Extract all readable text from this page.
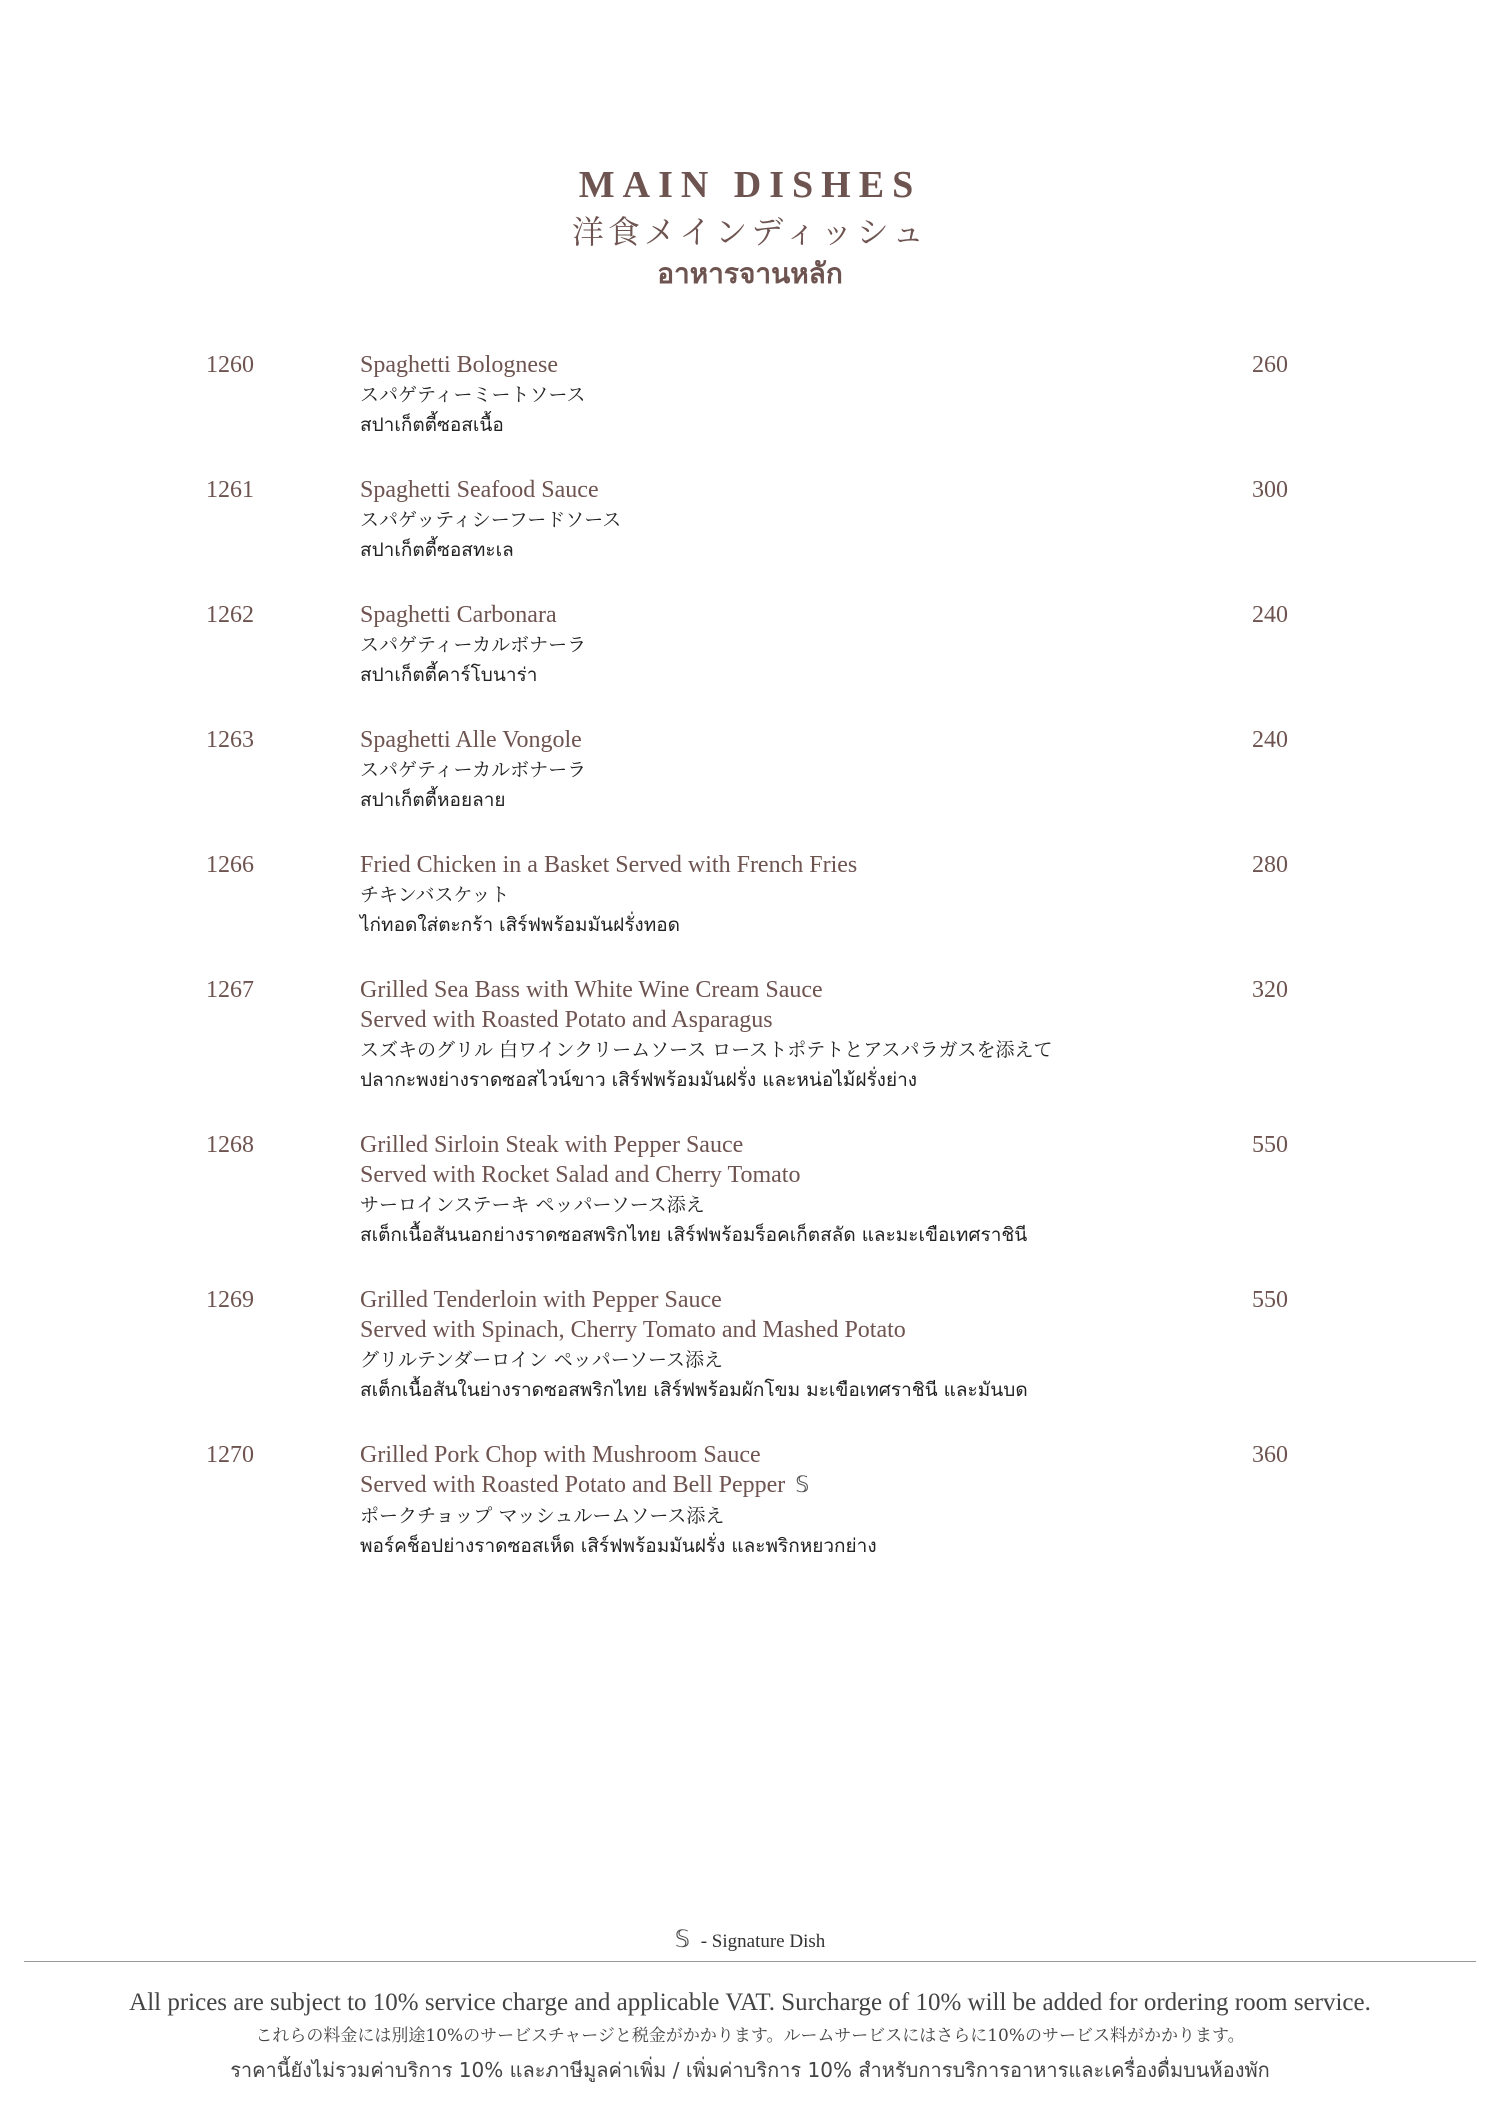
MAIN DISHES
洋食メインディッシュ
อาหารจานหลัก
1260	Spaghetti Bolognese
スパゲティーミートソース
สปาเก็ตตี้ซอสเนื้อ
260
1261	Spaghetti Seafood Sauce
スパゲッティシーフードソース
สปาเก็ตตี้ซอสทะเล
300
1262	Spaghetti Carbonara
スパゲティーカルボナーラ
สปาเก็ตตี้คาร์โบนาร่า
240
1263	Spaghetti Alle Vongole
スパゲティーカルボナーラ
สปาเก็ตตี้หอยลาย
240
1266	Fried Chicken in a Basket Served with French Fries
チキンバスケット
ไก่ทอดใส่ตะกร้า เสิร์ฟพร้อมมันฝรั่งทอด
280
1267	Grilled Sea Bass with White Wine Cream Sauce
Served with Roasted Potato and Asparagus
スズキのグリル 白ワインクリームソース ローストポテトとアスパラガスを添えて
ปลากะพงย่างราดซอสไวน์ขาว เสิร์ฟพร้อมมันฝรั่ง และหน่อไม้ฝรั่งย่าง
320
1268	Grilled Sirloin Steak with Pepper Sauce
Served with Rocket Salad and Cherry Tomato
サーロインステーキ ペッパーソース添え
สเต็กเนื้อสันนอกย่างราดซอสพริกไทย เสิร์ฟพร้อมร็อคเก็ตสลัด และมะเขือเทศราชินี
550
1269	Grilled Tenderloin with Pepper Sauce
Served with Spinach, Cherry Tomato and Mashed Potato
グリルテンダーロイン ペッパーソース添え
สเต็กเนื้อสันในย่างราดซอสพริกไทย เสิร์ฟพร้อมผักโขม มะเขือเทศราชินี และมันบด
550
1270	Grilled Pork Chop with Mushroom Sauce
Served with Roasted Potato and Bell Pepper 𝕊
ポークチョップ マッシュルームソース添え
พอร์คช็อปย่างราดซอสเห็ด เสิร์ฟพร้อมมันฝรั่ง และพริกหยวกย่าง
360
𝕊 - Signature Dish
All prices are subject to 10% service charge and applicable VAT. Surcharge of 10% will be added for ordering room service.
これらの料金には別途10%のサービスチャージと税金がかかります。ルームサービスにはさらに10%のサービス料がかかります。
ราคานี้ยังไม่รวมค่าบริการ 10% และภาษีมูลค่าเพิ่ม / เพิ่มค่าบริการ 10% สำหรับการบริการอาหารและเครื่องดื่มบนห้องพัก
